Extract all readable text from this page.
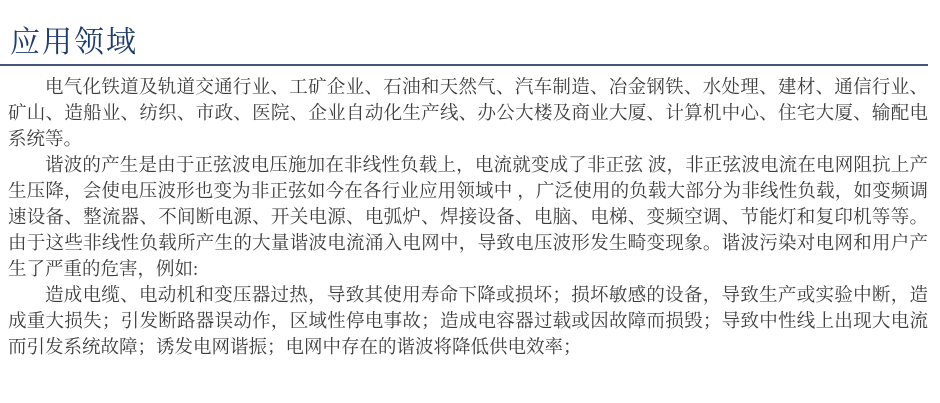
应用领域
电气化铁道及轨道交通行业、工矿企业、石油和天然气、汽车制造、冶金钢铁、水处理、建材、通信行业、
矿山、造船业、纺织、市政、医院、企业自动化生产线、办公大楼及商业大厦、计算机中心、住宅大厦、输配电
系统等。
谐波的产生是由于正弦波电压施加在非线性负载上，电流就变成了非正弦 波，非正弦波电流在电网阻抗上产
生压降，会使电压波形也变为非正弦如今在各行业应用领域中 ，广泛使用的负载大部分为非线性负载，如变频调
速设备、整流器、不间断电源、开关电源、电弧炉、焊接设备、电脑、电梯、变频空调、节能灯和复印机等等。
由于这些非线性负载所产生的大量谐波电流涌入电网中，导致电压波形发生畸变现象。谐波污染对电网和用户产
生了严重的危害，例如:
造成电缆、电动机和变压器过热，导致其使用寿命下降或损坏；损坏敏感的设备，导致生产或实验中断，造
成重大损失；引发断路器误动作，区域性停电事故；造成电容器过载或因故障而损毁；导致中性线上出现大电流
而引发系统故障；诱发电网谐振；电网中存在的谐波将降低供电效率；
